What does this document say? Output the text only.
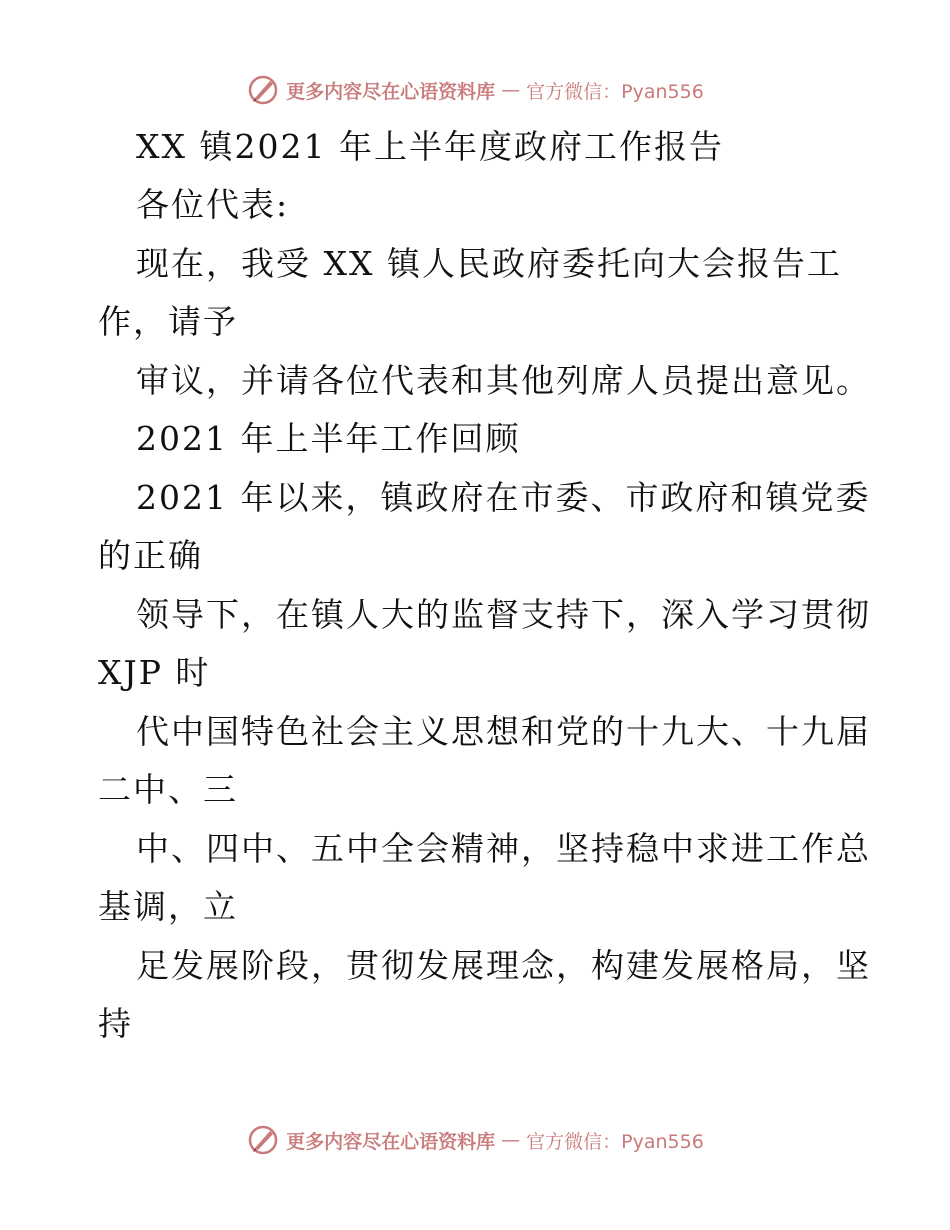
更多内容尽在心语资料库 — 官方微信：Pyan556
XX 镇2021 年上半年度政府工作报告
各位代表:
现在，我受 XX 镇人民政府委托向大会报告工
作，请予
审议，并请各位代表和其他列席人员提出意见。
2021 年上半年工作回顾
2021 年以来，镇政府在市委、市政府和镇党委
的正确
领导下，在镇人大的监督支持下，深入学习贯彻
XJP 时
代中国特色社会主义思想和党的十九大、十九届
二中、三
中、四中、五中全会精神，坚持稳中求进工作总
基调，立
足发展阶段，贯彻发展理念，构建发展格局，坚
持
更多内容尽在心语资料库 — 官方微信：Pyan556
